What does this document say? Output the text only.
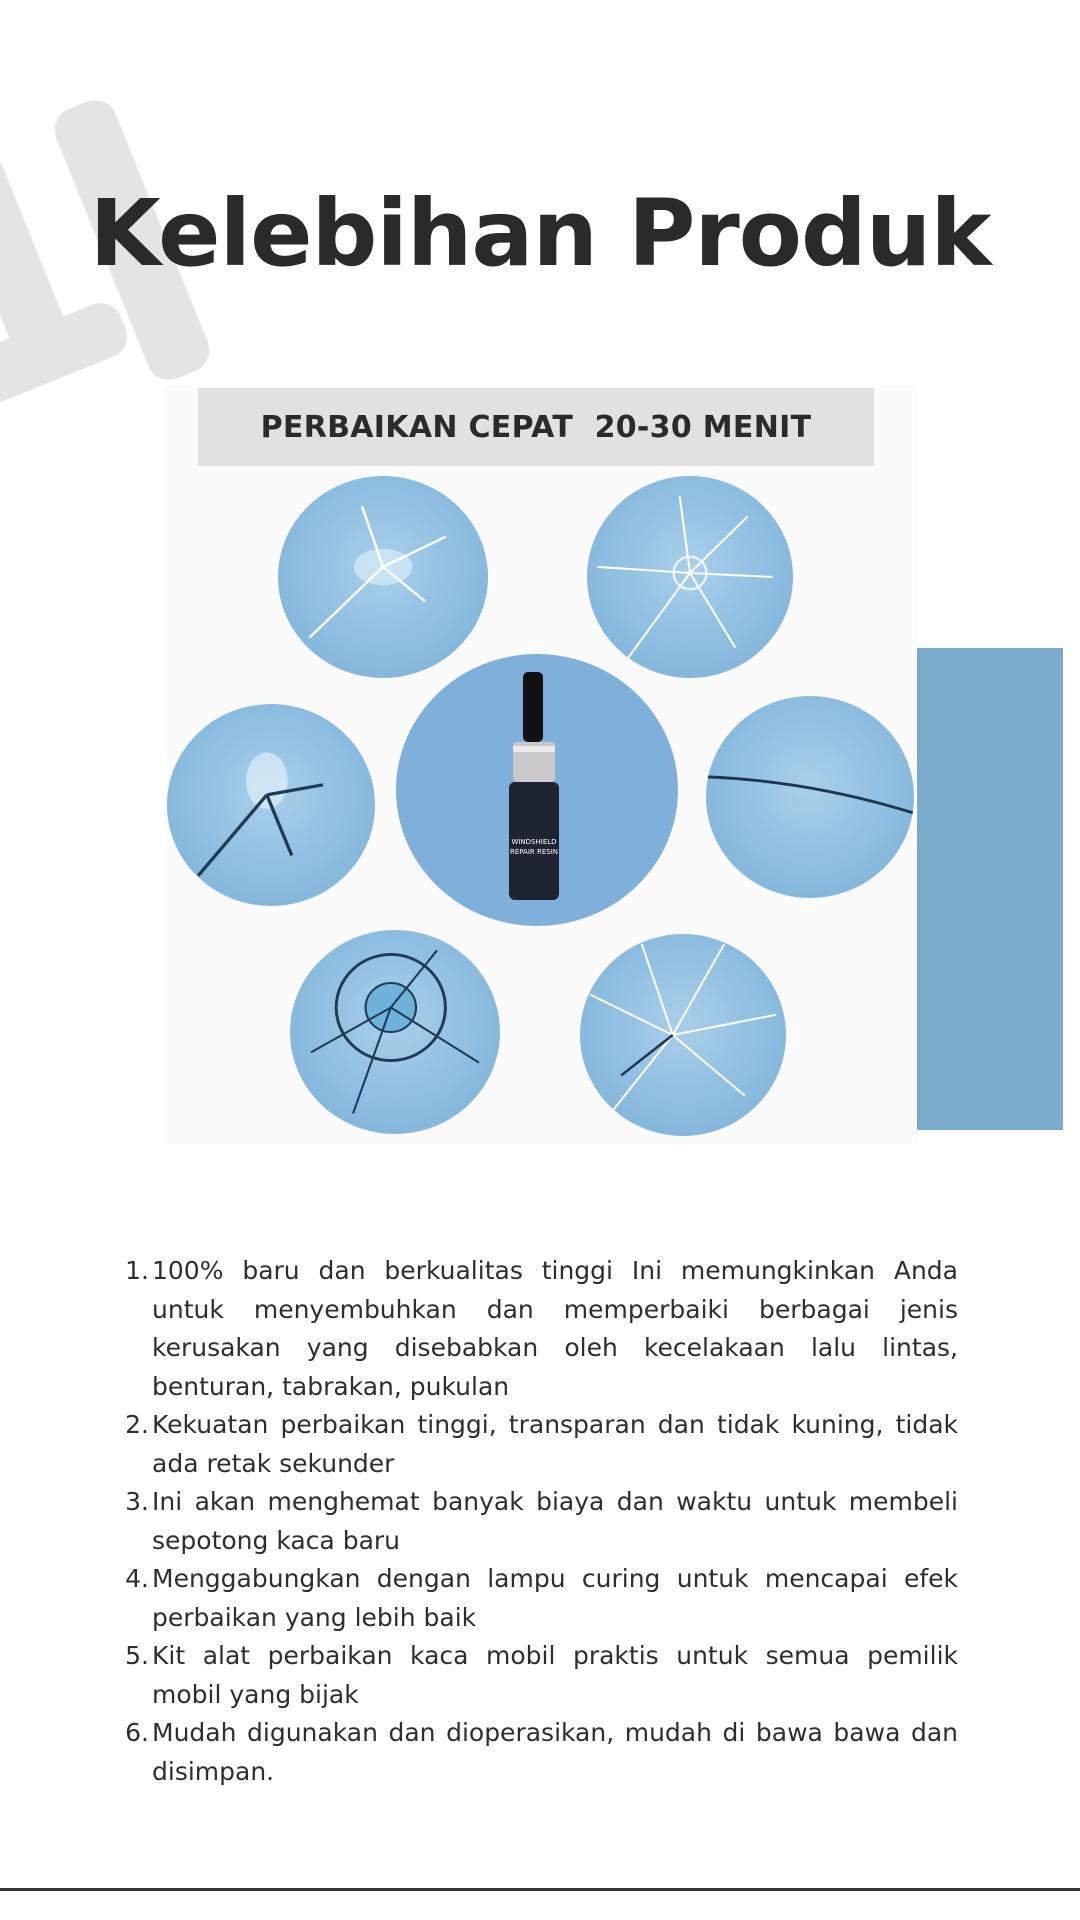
Kelebihan Produk
PERBAIKAN CEPAT  20-30 MENIT
WINDSHIELD
REPAIR RESIN
1. 100% baru dan berkualitas tinggi Ini memungkinkan Anda untuk menyembuhkan dan memperbaiki berbagai jenis kerusakan yang disebabkan oleh kecelakaan lalu lintas, benturan, tabrakan, pukulan
2. Kekuatan perbaikan tinggi, transparan dan tidak kuning, tidak ada retak sekunder
3. Ini akan menghemat banyak biaya dan waktu untuk membeli sepotong kaca baru
4. Menggabungkan dengan lampu curing untuk mencapai efek perbaikan yang lebih baik
5. Kit alat perbaikan kaca mobil praktis untuk semua pemilik mobil yang bijak
6. Mudah digunakan dan dioperasikan, mudah di bawa bawa dan disimpan.
